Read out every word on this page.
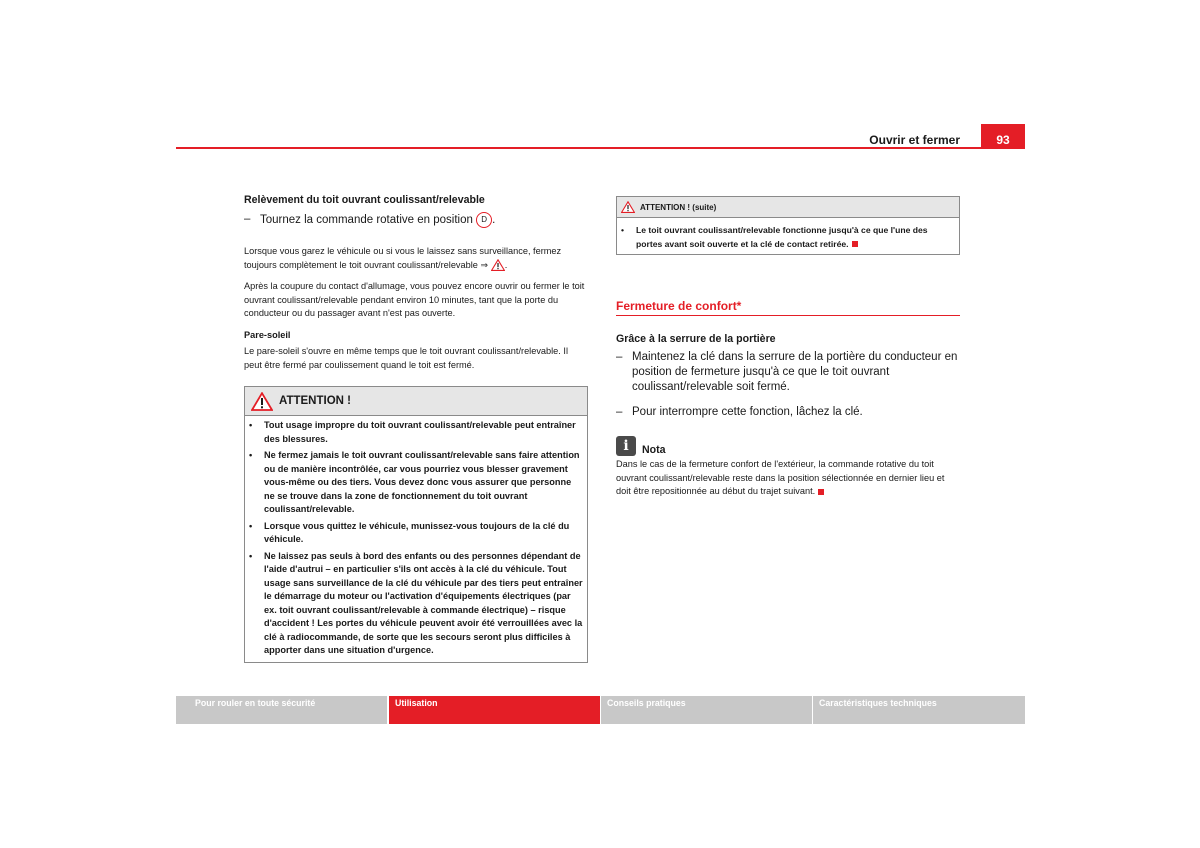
Ouvrir et fermer	93

Relèvement du toit ouvrant coulissant/relevable

– Tournez la commande rotative en position D .

Lorsque vous garez le véhicule ou si vous le laissez sans surveillance, fermez toujours complètement le toit ouvrant coulissant/relevable ⇒ .

Après la coupure du contact d'allumage, vous pouvez encore ouvrir ou fermer le toit ouvrant coulissant/relevable pendant environ 10 minutes, tant que la porte du conducteur ou du passager avant n'est pas ouverte.

Pare-soleil

Le pare-soleil s'ouvre en même temps que le toit ouvrant coulissant/relevable. Il peut être fermé par coulissement quand le toit est fermé.

ATTENTION !
•	Tout usage impropre du toit ouvrant coulissant/relevable peut entraîner des blessures.
•	Ne fermez jamais le toit ouvrant coulissant/relevable sans faire attention ou de manière incontrôlée, car vous pourriez vous blesser gravement vous-même ou des tiers. Vous devez donc vous assurer que personne ne se trouve dans la zone de fonctionnement du toit ouvrant coulissant/relevable.
•	Lorsque vous quittez le véhicule, munissez-vous toujours de la clé du véhicule.
•	Ne laissez pas seuls à bord des enfants ou des personnes dépendant de l'aide d'autrui – en particulier s'ils ont accès à la clé du véhicule. Tout usage sans surveillance de la clé du véhicule par des tiers peut entraîner le démarrage du moteur ou l'activation d'équipements électriques (par ex. toit ouvrant coulissant/relevable à commande électrique) – risque d'accident ! Les portes du véhicule peuvent avoir été verrouillées avec la clé à radiocommande, de sorte que les secours seront plus difficiles à apporter dans une situation d'urgence.
ATTENTION ! (suite)
•	Le toit ouvrant coulissant/relevable fonctionne jusqu'à ce que l'une des portes avant soit ouverte et la clé de contact retirée.
Fermeture de confort*

Grâce à la serrure de la portière

– Maintenez la clé dans la serrure de la portière du conducteur en position de fermeture jusqu'à ce que le toit ouvrant coulissant/relevable soit fermé.
– Pour interrompre cette fonction, lâchez la clé.
i	Nota

Dans le cas de la fermeture confort de l'extérieur, la commande rotative du toit ouvrant coulissant/relevable reste dans la position sélectionnée en dernier lieu et doit être repositionnée au début du trajet suivant.

Pour rouler en toute sécurité	Utilisation	Conseils pratiques	Caractéristiques techniques
